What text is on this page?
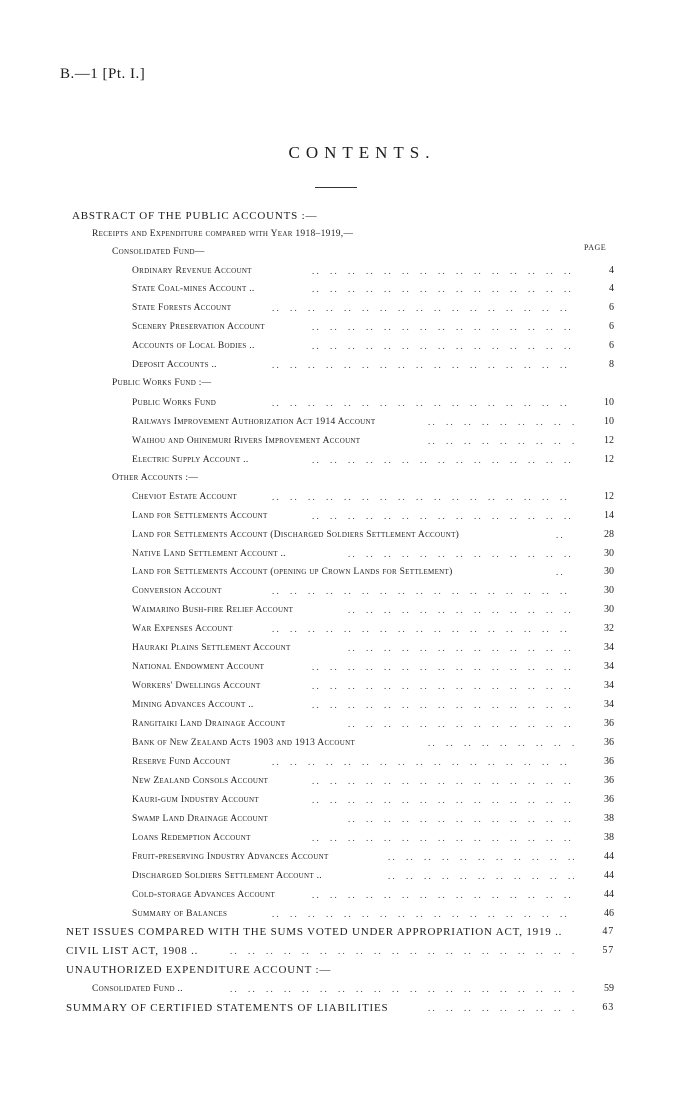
B.—1 [Pt. I.]
CONTENTS.
PAGE
ABSTRACT OF THE PUBLIC ACCOUNTS :—
Receipts and Expenditure compared with Year 1918–1919,—
Consolidated Fund—
Ordinary Revenue Account . .	4
State Coal-mines Account .. . .	4
State Forests Account . .	6
Scenery Preservation Account . .	6
Accounts of Local Bodies .. . .	6
Deposit Accounts .. . .	8
Public Works Fund :—
Public Works Fund . .	10
Railways Improvement Authorization Act 1914 Account . .	10
Waihou and Ohinemuri Rivers Improvement Account . .	12
Electric Supply Account .. . .	12
Other Accounts :—
Cheviot Estate Account . .	12
Land for Settlements Account . .	14
Land for Settlements Account (Discharged Soldiers Settlement Account) . .	28
Native Land Settlement Account .. . .	30
Land for Settlements Account (opening up Crown Lands for Settlement) . .	30
Conversion Account . .	30
Waimarino Bush-fire Relief Account . .	30
War Expenses Account . .	32
Hauraki Plains Settlement Account . .	34
National Endowment Account . .	34
Workers' Dwellings Account . .	34
Mining Advances Account .. . .	34
Rangitaiki Land Drainage Account . .	36
Bank of New Zealand Acts 1903 and 1913 Account . .	36
Reserve Fund Account . .	36
New Zealand Consols Account . .	36
Kauri-gum Industry Account . .	36
Swamp Land Drainage Account . .	38
Loans Redemption Account . .	38
Fruit-preserving Industry Advances Account . .	44
Discharged Soldiers Settlement Account .. . .	44
Cold-storage Advances Account . .	44
Summary of Balances . .	46
NET ISSUES COMPARED WITH THE SUMS VOTED UNDER APPROPRIATION ACT, 1919 ..	47
CIVIL LIST ACT, 1908 .. . .	57
UNAUTHORIZED EXPENDITURE ACCOUNT :—
Consolidated Fund .. . .	59
SUMMARY OF CERTIFIED STATEMENTS OF LIABILITIES . .	63
